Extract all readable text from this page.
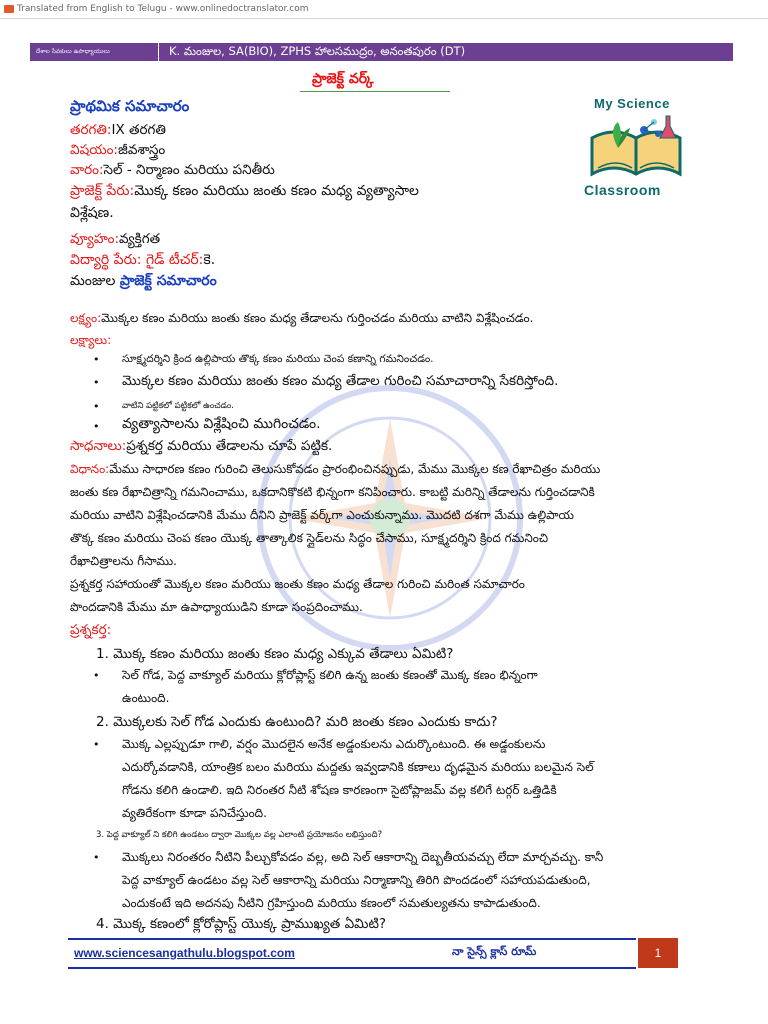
Translated from English to Telugu - www.onlinedoctranslator.com
దేశాల సేవకులు ఉపాధ్యాయులు	K. మంజుల, SA(BIO), ZPHS హాలసముద్రం, అనంతపురం (DT)
ప్రాజెక్ట్ వర్క్
My Science
Classroom
ప్రాథమిక సమాచారం
తరగతి:IX తరగతి
విషయం:జీవశాస్త్రం
వారం:సెల్ - నిర్మాణం మరియు పనితీరు
ప్రాజెక్ట్ పేరు:మొక్క కణం మరియు జంతు కణం మధ్య వ్యత్యాసాల
విశ్లేషణ.
వ్యూహం:వ్యక్తిగత
విద్యార్థి పేరు: గైడ్ టీచర్:కె.
మంజుల ప్రాజెక్ట్ సమాచారం
లక్ష్యం:మొక్కల కణం మరియు జంతు కణం మధ్య తేడాలను గుర్తించడం మరియు వాటిని విశ్లేషించడం.
లక్ష్యాలు:
• సూక్ష్మదర్శిని క్రింద ఉల్లిపాయ తొక్క కణం మరియు చెంప కణాన్ని గమనించడం.
• మొక్కల కణం మరియు జంతు కణం మధ్య తేడాల గురించి సమాచారాన్ని సేకరిస్తోంది.
•	వాటిని పట్టికలో పట్టికలో ఉంచడం.
• వ్యత్యాసాలను విశ్లేషించి ముగించడం.
సాధనాలు:ప్రశ్నకర్త మరియు తేడాలను చూపే పట్టిక.
విధానం:మేము సాధారణ కణం గురించి తెలుసుకోవడం ప్రారంభించినప్పుడు, మేము మొక్కల కణ రేఖాచిత్రం మరియు
జంతు కణ రేఖాచిత్రాన్ని గమనించాము, ఒకదానికొకటి భిన్నంగా కనిపించారు. కాబట్టి మరిన్ని తేడాలను గుర్తించడానికి
మరియు వాటిని విశ్లేషించడానికి మేము దీనిని ప్రాజెక్ట్ వర్క్‌గా ఎంచుకున్నాము. మొదటి దశగా మేము ఉల్లిపాయ
తొక్క కణం మరియు చెంప కణం యొక్క తాత్కాలిక స్లైడ్‌లను సిద్ధం చేసాము, సూక్ష్మదర్శిని క్రింద గమనించి
రేఖాచిత్రాలను గీసాము.
ప్రశ్నకర్త సహాయంతో మొక్కల కణం మరియు జంతు కణం మధ్య తేడాల గురించి మరింత సమాచారం
పొందడానికి మేము మా ఉపాధ్యాయుడిని కూడా సంప్రదించాము.
ప్రశ్నకర్త:
1. మొక్క కణం మరియు జంతు కణం మధ్య ఎక్కువ తేడాలు ఏమిటి?
• సెల్ గోడ, పెద్ద వాక్యూల్ మరియు క్లోరోప్లాస్ట్ కలిగి ఉన్న జంతు కణంతో మొక్క కణం భిన్నంగా
ఉంటుంది.
2. మొక్కలకు సెల్ గోడ ఎందుకు ఉంటుంది? మరి జంతు కణం ఎందుకు కాదు?
• మొక్క ఎల్లప్పుడూ గాలి, వర్షం మొదలైన అనేక అడ్డంకులను ఎదుర్కొంటుంది. ఈ అడ్డంకులను
ఎదుర్కోవడానికి, యాంత్రిక బలం మరియు మద్దతు ఇవ్వడానికి కణాలు దృఢమైన మరియు బలమైన సెల్
గోడను కలిగి ఉండాలి. ఇది నిరంతర నీటి శోషణ కారణంగా సైటోప్లాజమ్ వల్ల కలిగే టర్గర్ ఒత్తిడికి
వ్యతిరేకంగా కూడా పనిచేస్తుంది.
3. పెద్ద వాక్యూల్ ని కలిగి ఉండటం ద్వారా మొక్కల వల్ల ఎలాంటి ప్రయోజనం లభిస్తుంది?
• మొక్కలు నిరంతరం నీటిని పీల్చుకోవడం వల్ల, అది సెల్ ఆకారాన్ని దెబ్బతీయవచ్చు లేదా మార్చవచ్చు. కానీ
పెద్ద వాక్యూల్ ఉండటం వల్ల సెల్ ఆకారాన్ని మరియు నిర్మాణాన్ని తిరిగి పొందడంలో సహాయపడుతుంది,
ఎందుకంటే ఇది అదనపు నీటిని గ్రహిస్తుంది మరియు కణంలో సమతుల్యతను కాపాడుతుంది.
4. మొక్క కణంలో క్లోరోప్లాస్ట్ యొక్క ప్రాముఖ్యత ఏమిటి?
www.sciencesangathulu.blogspot.com	నా సైన్స్ క్లాస్ రూమ్	1
